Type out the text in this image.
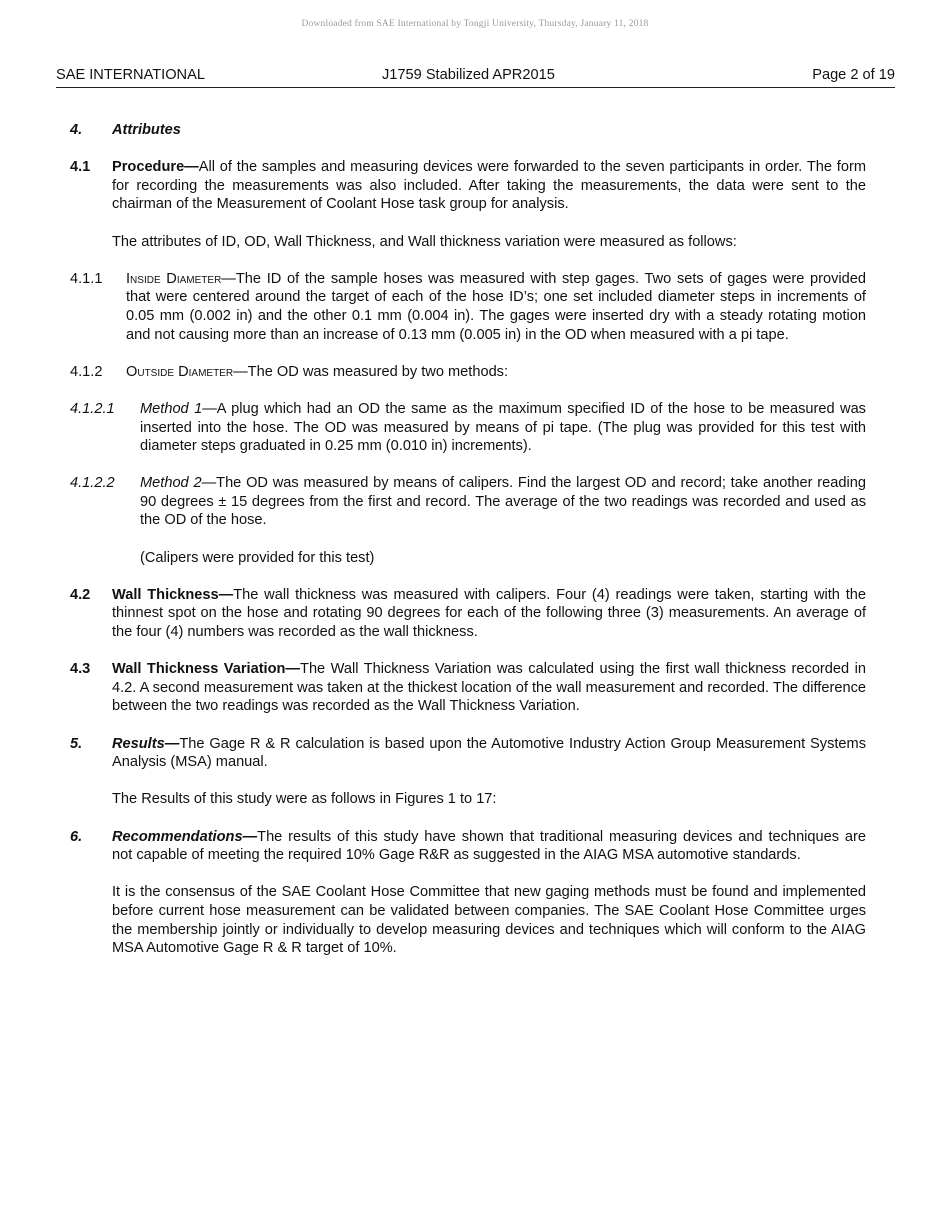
Downloaded from SAE International by Tongji University, Thursday, January 11, 2018
SAE INTERNATIONAL	J1759 Stabilized APR2015	Page 2 of 19
4.	Attributes
4.1	Procedure—All of the samples and measuring devices were forwarded to the seven participants in order. The form for recording the measurements was also included. After taking the measurements, the data were sent to the chairman of the Measurement of Coolant Hose task group for analysis.
The attributes of ID, OD, Wall Thickness, and Wall thickness variation were measured as follows:
4.1.1	Inside Diameter—The ID of the sample hoses was measured with step gages. Two sets of gages were provided that were centered around the target of each of the hose ID’s; one set included diameter steps in increments of 0.05 mm (0.002 in) and the other 0.1 mm (0.004 in). The gages were inserted dry with a steady rotating motion and not causing more than an increase of 0.13 mm (0.005 in) in the OD when measured with a pi tape.
4.1.2	Outside Diameter—The OD was measured by two methods:
4.1.2.1	Method 1—A plug which had an OD the same as the maximum specified ID of the hose to be measured was inserted into the hose. The OD was measured by means of pi tape. (The plug was provided for this test with diameter steps graduated in 0.25 mm (0.010 in) increments).
4.1.2.2	Method 2—The OD was measured by means of calipers. Find the largest OD and record; take another reading 90 degrees ± 15 degrees from the first and record. The average of the two readings was recorded and used as the OD of the hose.
(Calipers were provided for this test)
4.2	Wall Thickness—The wall thickness was measured with calipers. Four (4) readings were taken, starting with the thinnest spot on the hose and rotating 90 degrees for each of the following three (3) measurements. An average of the four (4) numbers was recorded as the wall thickness.
4.3	Wall Thickness Variation—The Wall Thickness Variation was calculated using the first wall thickness recorded in 4.2. A second measurement was taken at the thickest location of the wall measurement and recorded. The difference between the two readings was recorded as the Wall Thickness Variation.
5.	Results—The Gage R & R calculation is based upon the Automotive Industry Action Group Measurement Systems Analysis (MSA) manual.
The Results of this study were as follows in Figures 1 to 17:
6.	Recommendations—The results of this study have shown that traditional measuring devices and techniques are not capable of meeting the required 10% Gage R&R as suggested in the AIAG MSA automotive standards.
It is the consensus of the SAE Coolant Hose Committee that new gaging methods must be found and implemented before current hose measurement can be validated between companies. The SAE Coolant Hose Committee urges the membership jointly or individually to develop measuring devices and techniques which will conform to the AIAG MSA Automotive Gage R & R target of 10%.
